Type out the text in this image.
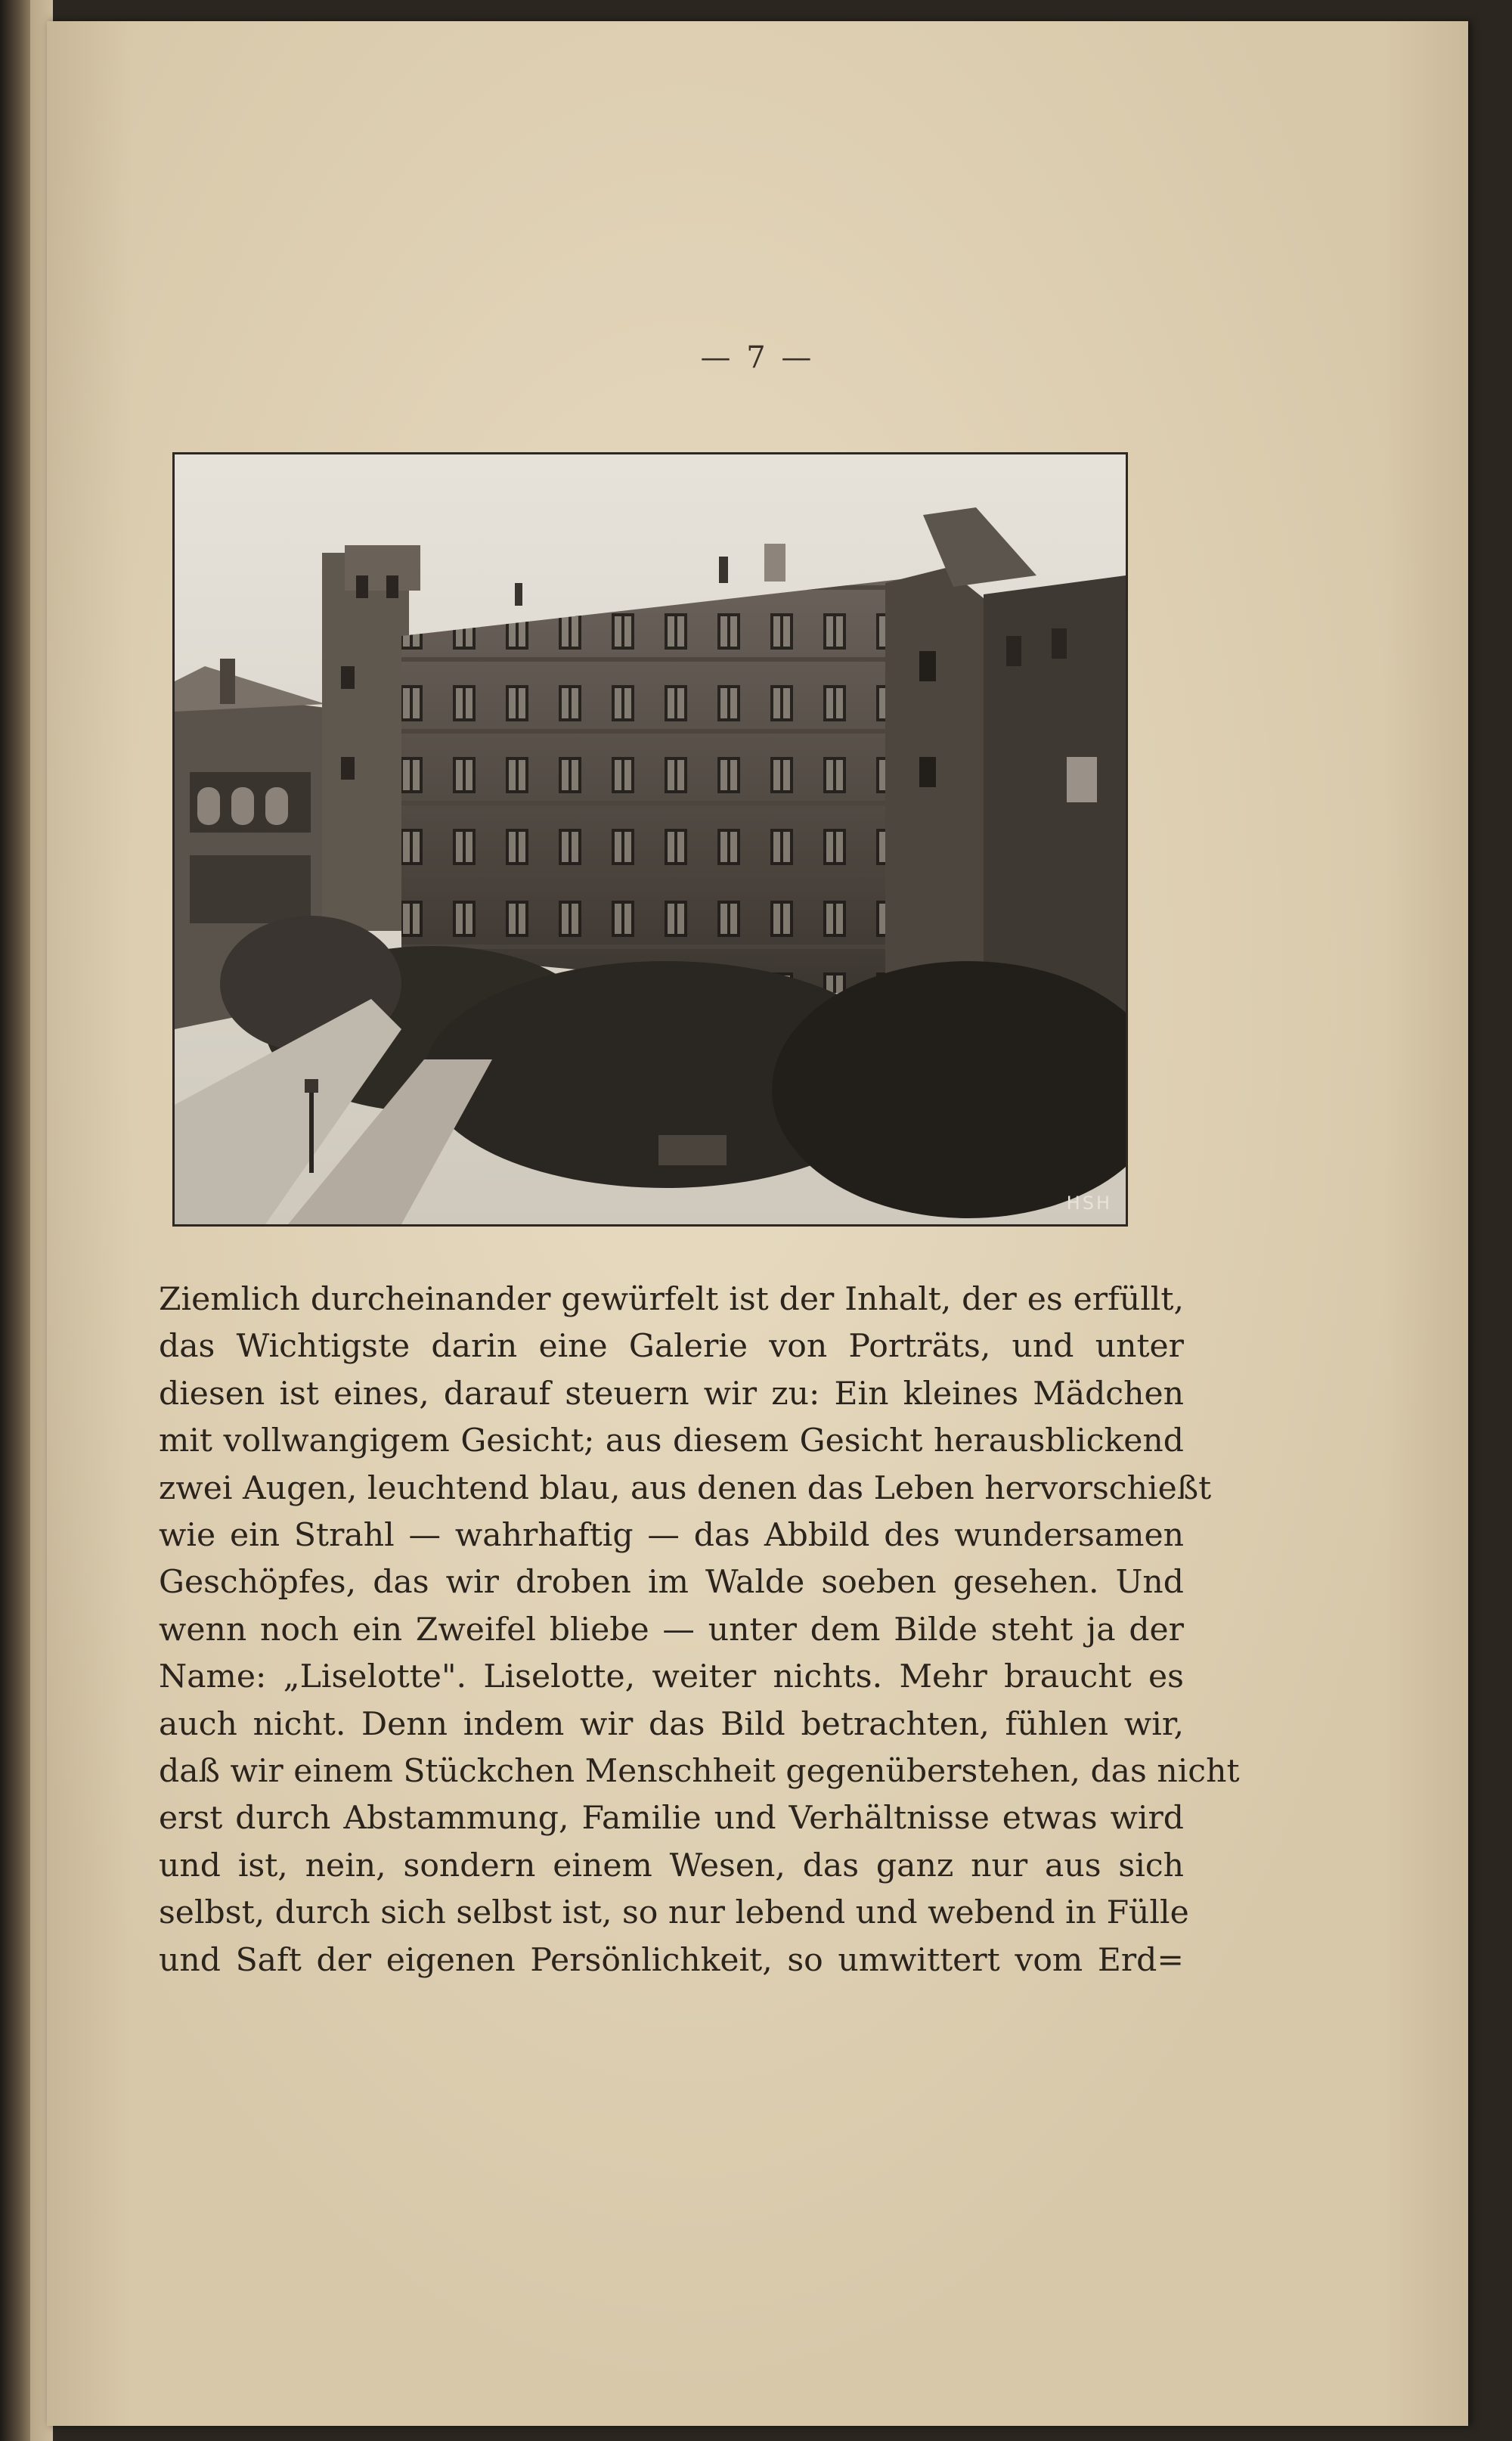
— 7 —
HSH

Ziemlich durcheinander gewürfelt ist der Inhalt, der es erfüllt,
das Wichtigste darin eine Galerie von Porträts, und unter
diesen ist eines, darauf steuern wir zu: Ein kleines Mädchen
mit vollwangigem Gesicht; aus diesem Gesicht herausblickend
zwei Augen, leuchtend blau, aus denen das Leben hervorschießt
wie ein Strahl — wahrhaftig — das Abbild des wundersamen
Geschöpfes, das wir droben im Walde soeben gesehen. Und
wenn noch ein Zweifel bliebe — unter dem Bilde steht ja der
Name: „Liselotte". Liselotte, weiter nichts. Mehr braucht es
auch nicht. Denn indem wir das Bild betrachten, fühlen wir,
daß wir einem Stückchen Menschheit gegenüberstehen, das nicht
erst durch Abstammung, Familie und Verhältnisse etwas wird
und ist, nein, sondern einem Wesen, das ganz nur aus sich
selbst, durch sich selbst ist, so nur lebend und webend in Fülle
und Saft der eigenen Persönlichkeit, so umwittert vom Erd=
